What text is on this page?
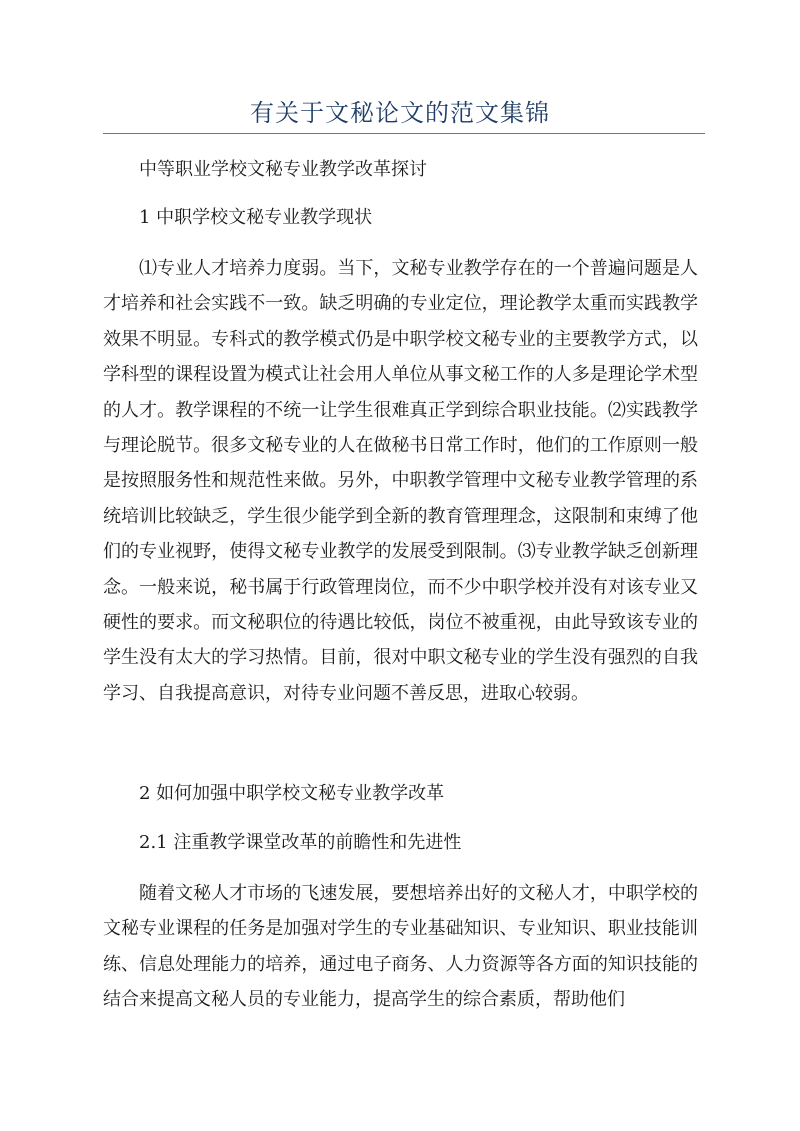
有关于文秘论文的范文集锦

中等职业学校文秘专业教学改革探讨

1 中职学校文秘专业教学现状

⑴专业人才培养力度弱。当下，文秘专业教学存在的一个普遍问题是人才培养和社会实践不一致。缺乏明确的专业定位，理论教学太重而实践教学效果不明显。专科式的教学模式仍是中职学校文秘专业的主要教学方式，以学科型的课程设置为模式让社会用人单位从事文秘工作的人多是理论学术型的人才。教学课程的不统一让学生很难真正学到综合职业技能。⑵实践教学与理论脱节。很多文秘专业的人在做秘书日常工作时，他们的工作原则一般是按照服务性和规范性来做。另外，中职教学管理中文秘专业教学管理的系统培训比较缺乏，学生很少能学到全新的教育管理理念，这限制和束缚了他们的专业视野，使得文秘专业教学的发展受到限制。⑶专业教学缺乏创新理念。一般来说，秘书属于行政管理岗位，而不少中职学校并没有对该专业又硬性的要求。而文秘职位的待遇比较低，岗位不被重视，由此导致该专业的学生没有太大的学习热情。目前，很对中职文秘专业的学生没有强烈的自我学习、自我提高意识，对待专业问题不善反思，进取心较弱。

2 如何加强中职学校文秘专业教学改革

2.1 注重教学课堂改革的前瞻性和先进性

随着文秘人才市场的飞速发展，要想培养出好的文秘人才，中职学校的文秘专业课程的任务是加强对学生的专业基础知识、专业知识、职业技能训练、信息处理能力的培养，通过电子商务、人力资源等各方面的知识技能的结合来提高文秘人员的专业能力，提高学生的综合素质，帮助他们
